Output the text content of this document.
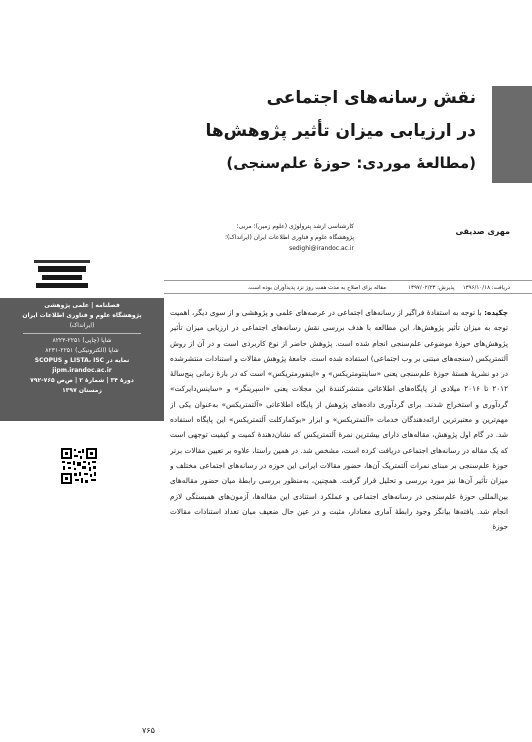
نقش رسانه‌های اجتماعی
در ارزیابی میزان تأثیر پژوهش‌ها
(مطالعۀ موردی: حوزۀ علم‌سنجی)
مهری صدیقی
کارشناسی ارشد پترولوژی (علوم زمین)؛ مربی؛
پژوهشگاه علوم و فناوری اطلاعات ایران (ایرانداک)؛
sedighi@irandoc.ac.ir
دریافت: ۱۳۹۶/۱۰/۱۸
پذیرش: ۱۳۹۷/۰۲/۲۳
مقاله برای اصلاح به مدت هفت روز نزد پدیدآوران بوده است.
فصلنامه | علمی پژوهشی
پژوهشگاه علوم و فناوری اطلاعات ایران
(ایرانداک)
شاپا (چاپی) ۲۲۵۱-۸۲۲۳
شاپا (الکترونیکی) ۲۲۵۱-۸۲۳۱
نمایه در LISTA، ISC و SCOPUS
jipm.irandoc.ac.ir
دورۀ ۳۴ | شمارۀ ۲ | ص‌ص ۷۶۵-۷۹۲
زمستان ۱۳۹۷

چکیده: با توجه به استفادۀ فراگیر از رسانه‌های اجتماعی در عرصه‌های علمی و پژوهشی و از سوی دیگر، اهمیت توجه به میزان تأثیر پژوهش‌ها، این مطالعه با هدف بررسی نقش رسانه‌های اجتماعی در ارزیابی میزان تأثیر پژوهش‌های حوزۀ موضوعی علم‌سنجی انجام شده است. پژوهش حاضر از نوع کاربردی است و در آن از روش آلتمتریکس (سنجه‌های مبتنی بر وب اجتماعی) استفاده شده است. جامعۀ پژوهش مقالات و استنادات منتشرشده در دو نشریۀ هستۀ حوزۀ علم‌سنجی یعنی «ساینتومتریکس» و «اینفورمتریکس» است که در بازۀ زمانی پنج‌سالۀ ۲۰۱۲ تا ۲۰۱۶ میلادی از پایگاه‌های اطلاعاتی منتشرکنندۀ این مجلات یعنی «اسپرینگر» و «ساینس‌دایرکت» گردآوری و استخراج شدند. برای گردآوری داده‌های پژوهش از پایگاه اطلاعاتی «آلتمتریکس» به‌عنوان یکی از مهم‌ترین و معتبرترین ارائه‌دهندگان خدمات «آلتمتریکس» و ابزار «بوکمارکلت آلتمتریکس» این پایگاه استفاده شد. در گام اول پژوهش، مقاله‌های دارای بیشترین نمرۀ آلتمتریکس که نشان‌دهندۀ کمیت و کیفیت توجهی است که یک مقاله در رسانه‌های اجتماعی دریافت کرده است، مشخص شد. در همین راستا، علاوه بر تعیین مقالات برتر حوزۀ علم‌سنجی بر مبنای نمرات آلتمتریک آن‌ها، حضور مقالات ایرانی این حوزه در رسانه‌های اجتماعی مختلف و میزان تأثیر آن‌ها نیز مورد بررسی و تحلیل قرار گرفت. همچنین، به‌منظور بررسی رابطۀ میان حضور مقاله‌های بین‌المللی حوزۀ علم‌سنجی در رسانه‌های اجتماعی و عملکرد استنادی این مقاله‌ها، آزمون‌های همبستگی لازم انجام شد. یافته‌ها بیانگر وجود رابطۀ آماری معنادار، مثبت و در عین حال ضعیف میان تعداد استنادات مقالات حوزۀ

۷۶۵
